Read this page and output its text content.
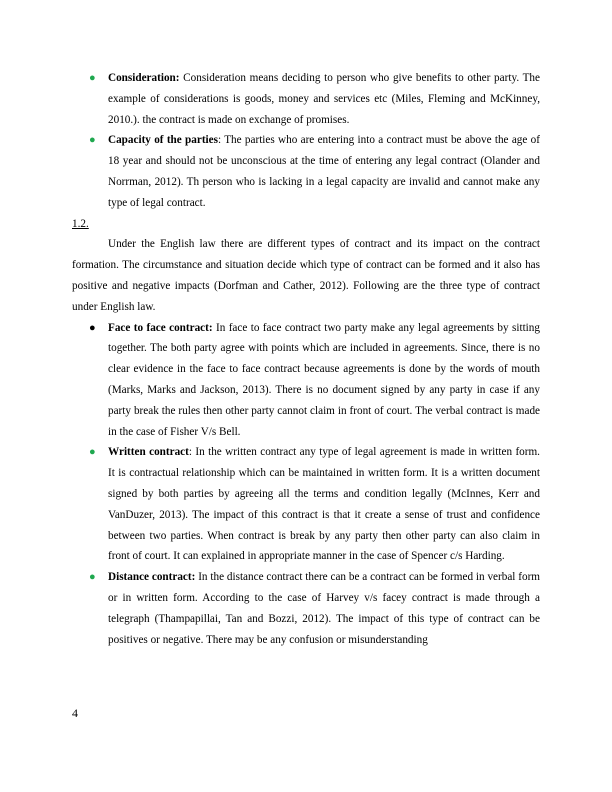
● Consideration: Consideration means deciding to person who give benefits to other party. The example of considerations is goods, money and services etc (Miles, Fleming and McKinney, 2010.). the contract is made on exchange of promises.
● Capacity of the parties: The parties who are entering into a contract must be above the age of 18 year and should not be unconscious at the time of entering any legal contract (Olander and Norrman, 2012). Th person who is lacking in a legal capacity are invalid and cannot make any type of legal contract.

1.2.

Under the English law there are different types of contract and its impact on the contract formation. The circumstance and situation decide which type of contract can be formed and it also has positive and negative impacts (Dorfman and Cather, 2012). Following are the three type of contract under English law.

● Face to face contract: In face to face contract two party make any legal agreements by sitting together. The both party agree with points which are included in agreements. Since, there is no clear evidence in the face to face contract because agreements is done by the words of mouth (Marks, Marks and Jackson, 2013). There is no document signed by any party in case if any party break the rules then other party cannot claim in front of court. The verbal contract is made in the case of Fisher V/s Bell.
● Written contract: In the written contract any type of legal agreement is made in written form. It is contractual relationship which can be maintained in written form. It is a written document signed by both parties by agreeing all the terms and condition legally (McInnes, Kerr and VanDuzer, 2013). The impact of this contract is that it create a sense of trust and confidence between two parties. When contract is break by any party then other party can also claim in front of court. It can explained in appropriate manner in the case of Spencer c/s Harding.
● Distance contract: In the distance contract there can be a contract can be formed in verbal form or in written form. According to the case of Harvey v/s facey contract is made through a telegraph (Thampapillai, Tan and Bozzi, 2012). The impact of this type of contract can be positives or negative. There may be any confusion or misunderstanding
4
